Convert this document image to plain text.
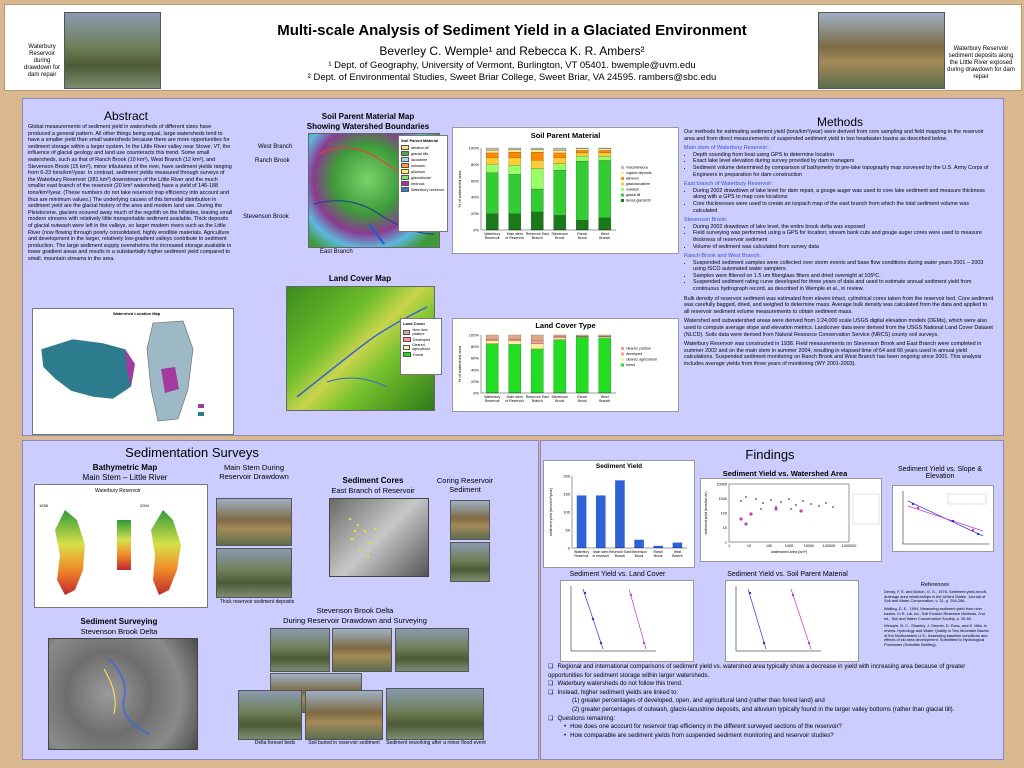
Waterbury Reservoir during drawdown for dam repair
Waterbury Reservoir sediment deposits along the Little River exposed during drawdown for dam repair
Multi-scale Analysis of Sediment Yield in a Glaciated Environment
Beverley C. Wemple¹ and Rebecca K. R. Ambers²
¹ Dept. of Geography, University of Vermont, Burlington, VT 05401. bwemple@uvm.edu
² Dept. of Environmental Studies, Sweet Briar College, Sweet Briar, VA 24595. rambers@sbc.edu
Abstract
Global measurements of sediment yield in watersheds of different sizes have produced a general pattern. All other things being equal, large watersheds tend to have a smaller yield than small watersheds because there are more opportunities for sediment storage within a larger system. In the Little River valley near Stowe, VT, the influence of glacial geology and land use counteracts this trend. Some small watersheds, such as that of Ranch Brook (10 km²), West Branch (12 km²), and Stevenson Brook (15 km²), minor tributaries of the river, have sediment yields ranging from 6-23 tons/km²/year. In contrast, sediment yields measured through surveys of the Waterbury Reservoir (281 km²) downstream of the Little River and the much smaller east branch of the reservoir (20 km² watershed) have a yield of 146-188 tons/km²/year. (These numbers do not take reservoir trap efficiency into account and thus are minimum values.) The underlying causes of this bimodal distribution in sediment yield are the glacial history of the area and modern land use. During the Pleistocene, glaciers scoured away much of the regolith on the hillsides, leaving small modern streams with relatively little transportable sediment available. Thick deposits of glacial outwash were left in the valleys, so larger modern rivers such as the Little River (now flowing through poorly consolidated, highly erodible materials. Agriculture and development in the larger, relatively low-gradient valleys contribute to sediment production. The large sediment supply overwhelms the increased storage available in lower gradient areas and results in a substantially higher sediment yield compared to small, mountain streams in the area.
Watershed Location Map
Soil Parent Material Map
Showing Watershed Boundaries
Soil Parent Material
ablation till
glacial tills
lacustrine
outwash
alluvium
glaciofluvial
bedrock
Waterbury reservoir
West Branch
Ranch Brook
Stevenson Brook
East Branch
Soil Parent Material
100%
80%
60%
40%
20%
0%
% of watershed area
Waterbury
Reservoir
Main stem
of Reservoir
Reservoir East
Branch
Stevenson
Brook
Ranch
Brook
West
Branch
miscellaneous
organic deposits
alluvium
glaciolacustrine
outwash
glacial till
dense glacial till
Land Cover Map
Land Cover
New river, pasture
Developed
Cleared, agricultural
Forest
Land Cover Type
100%
80%
60%
40%
20%
0%
% of watershed area
Waterbury
Reservoir
Main stem
of Reservoir
Reservoir East
Branch
Stevenson
Brook
Ranch
Brook
West
Branch
cleared, pasture
developed
cleared, agricultural
forest
Methods
Our methods for estimating sediment yield (tons/km²/year) were derived from core sampling and field mapping in the reservoir area and from direct measurements of suspended sediment yield in two headwater basins as described below.
Main stem of Waterbury Reservoir:
• Depth sounding from boat using GPS to determine location
• Exact lake level elevation during survey provided by dam managers
• Sediment volume determined by comparison of bathymetry to pre-lake topography map surveyed by the U.S. Army Corps of Engineers in preparation for dam construction
East branch of Waterbury Reservoir:
• During 2002 drawdown of lake level for dam repair, a gouge auger was used to core lake sediment and measure thickness along with a GPS to map core locations
• Core thicknesses were used to create an isopach map of the east branch from which the total sediment volume was calculated
Stevenson Brook:
• During 2002 drawdown of lake level, the entire brook delta was exposed
• Field surveying was performed using a GPS for location; stream bank cuts and gouge auger cores were used to measure thickness of reservoir sediment
• Volume of sediment was calculated from survey data
Ranch Brook and West Branch:
• Suspended sediment samples were collected over storm events and base flow conditions during water years 2001 – 2003 using ISCO automated water samplers.
• Samples were filtered on 1.5 um fiberglass filters and dried overnight at 105ºC.
• Suspended sediment rating curve developed for three years of data and used to estimate annual sediment yield from continuous hydrograph record, as described in Wemple et al., in review.
Bulk density of reservoir sediment was estimated from eleven intact, cylindrical cores taken from the reservoir bed. Core sediment was carefully bagged, dried, and weighed to determine mass. Average bulk density was calculated from the data and applied to all reservoir sediment volume measurements to obtain sediment mass.
Watershed and subwatershed areas were derived from 1:24,000 scale USGS digital elevation models (DEMs), which were also used to compute average slope and elevation metrics. Landcover data were derived from the USGS National Land Cover Dataset (NLCD). Soils data were derived from Natural Resource Conservation Service (NRCS) county soil surveys.
Waterbury Reservoir was constructed in 1938. Field measurements on Stevenson Brook and East Branch were completed in summer 2002 and on the main stem in summer 2004, resulting in elapsed time of 64 and 66 years used in annual yield calculations. Suspended sediment monitoring on Ranch Brook and West Branch has been ongoing since 2001. This analysis includes average yields from three years of monitoring (WY 2001-2003).
Sedimentation Surveys
Bathymetric Map
Main Stem – Little River
Waterbury Reservoir
1938	2004
Main Stem During Reservoir Drawdown
Thick reservoir sediment deposits
Sediment Cores
East Branch of Reservoir
Coring Reservoir Sediment
Sediment Surveying
Stevenson Brook Delta
Stevenson Brook Delta
During Reservoir Drawdown and Surveying
Delta foreset beds	Soil buried in reservoir sediment	Sediment reworking after a minor flood event
Findings
Sediment Yield
200
150
100
50
0
sediment yield (tons/km²/year)
Waterbury
Reservoir
Main stem
of reservoir
Reservoir East
Branch
Stevenson
Brook
Ranch
Brook
West
Branch
Sediment Yield vs. Watershed Area
10000
1000
100
10
1
1	10	100	1000	10000 100000 1000000
watershed area (km²)
sediment yield (tons/km²/yr)
Sediment Yield vs. Slope & Elevation
Sediment Yield vs. Land Cover	Sediment Yield vs. Soil Parent Material
References
Dendy, F. E. and Bolton, G. G., 1976, Sediment yield-runoff-drainage area relationships in the United States. Journal of Soil and Water Conservation, v. 31, p. 264-266.
Walling, D. E., 1994, Measuring sediment yield from river basins. In R. Lal, ed., Soil Erosion Research Methods, 2nd ed., Soil and Water Conservation Society, p. 39-80.
Wemple, B. C., Shanley, J. Denner, D. Ross, and K. Mills, in review. Hydrology and Water Quality in Two Mountain Basins of the Northeastern U.S.: Assessing baseline conditions and effects of ski area development. Submitted to Hydrological Processes (Scientific Briefing).
❏ Regional and international comparisons of sediment yield vs. watershed area typically show a decrease in yield with increasing area because of greater opportunities for sediment storage within larger watersheds.
❏ Waterbury watersheds do not follow this trend.
❏ Instead, higher sediment yields are linked to:
(1) greater percentages of developed, open, and agricultural land (rather than forest land) and
(2) greater percentages of outwash, glacio-lacustrine deposits, and alluvium typically found in the larger valley bottoms (rather than glacial till).
❏ Questions remaining:
• How does one account for reservoir trap efficiency in the different surveyed sections of the reservoir?
• How comparable are sediment yields from suspended sediment monitoring and reservoir studies?
